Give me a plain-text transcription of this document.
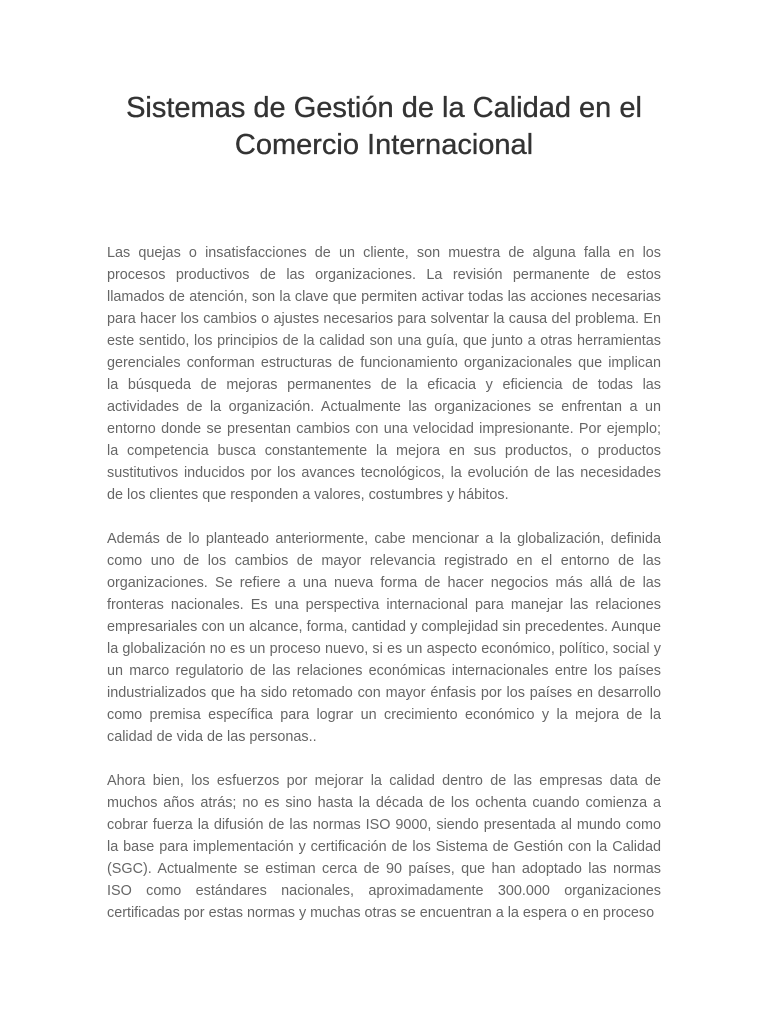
Sistemas de Gestión de la Calidad en el Comercio Internacional

Las quejas o insatisfacciones de un cliente, son muestra de alguna falla en los procesos productivos de las organizaciones. La revisión permanente de estos llamados de atención, son la clave que permiten activar todas las acciones necesarias para hacer los cambios o ajustes necesarios para solventar la causa del problema. En este sentido, los principios de la calidad son una guía, que junto a otras herramientas gerenciales conforman estructuras de funcionamiento organizacionales que implican la búsqueda de mejoras permanentes de la eficacia y eficiencia de todas las actividades de la organización. Actualmente las organizaciones se enfrentan a un entorno donde se presentan cambios con una velocidad impresionante. Por ejemplo; la competencia busca constantemente la mejora en sus productos, o productos sustitutivos inducidos por los avances tecnológicos, la evolución de las necesidades de los clientes que responden a valores, costumbres y hábitos.

Además de lo planteado anteriormente, cabe mencionar a la globalización, definida como uno de los cambios de mayor relevancia registrado en el entorno de las organizaciones. Se refiere a una nueva forma de hacer negocios más allá de las fronteras nacionales. Es una perspectiva internacional para manejar las relaciones empresariales con un alcance, forma, cantidad y complejidad sin precedentes. Aunque la globalización no es un proceso nuevo, si es un aspecto económico, político, social y un marco regulatorio de las relaciones económicas internacionales entre los países industrializados que ha sido retomado con mayor énfasis por los países en desarrollo como premisa específica para lograr un crecimiento económico y la mejora de la calidad de vida de las personas..

Ahora bien, los esfuerzos por mejorar la calidad dentro de las empresas data de muchos años atrás; no es sino hasta la década de los ochenta cuando comienza a cobrar fuerza la difusión de las normas ISO 9000, siendo presentada al mundo como la base para implementación y certificación de los Sistema de Gestión con la Calidad (SGC). Actualmente se estiman cerca de 90 países, que han adoptado las normas ISO como estándares nacionales, aproximadamente 300.000 organizaciones certificadas por estas normas y muchas otras se encuentran a la espera o en proceso
